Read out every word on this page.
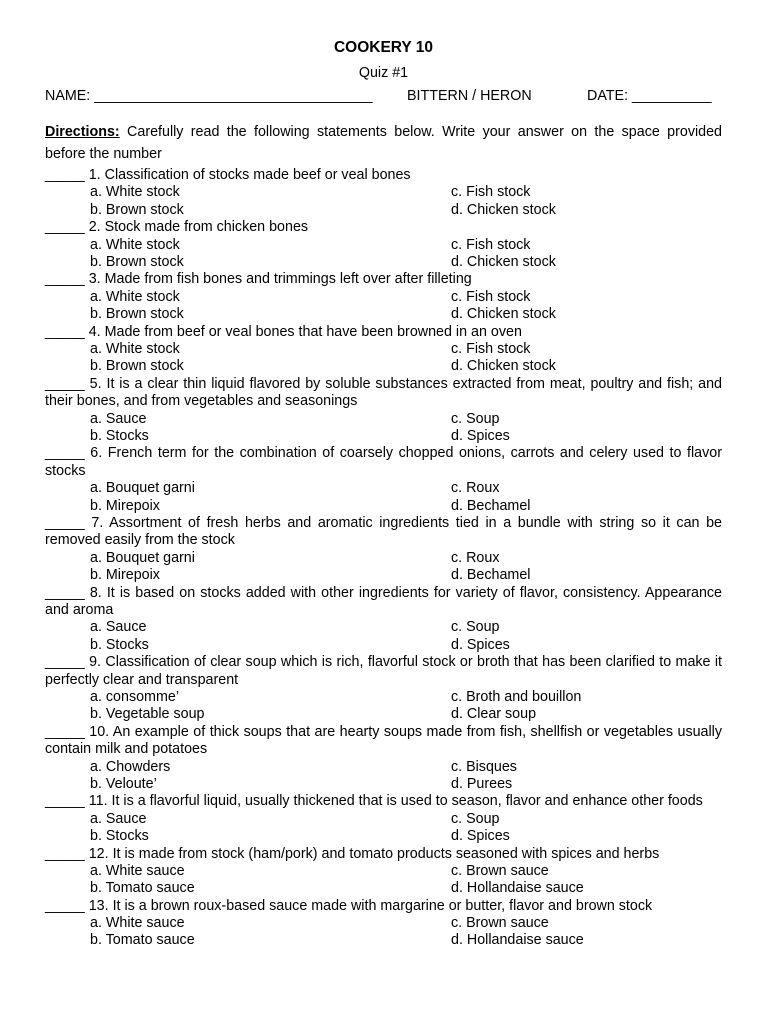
COOKERY 10
Quiz #1
NAME: ___________________________________ BITTERN / HERON	DATE: __________
Directions: Carefully read the following statements below. Write your answer on the space provided before the number
_____ 1. Classification of stocks made beef or veal bones
a. White stock	c. Fish stock
b. Brown stock	d. Chicken stock
_____ 2. Stock made from chicken bones
a. White stock	c. Fish stock
b. Brown stock	d. Chicken stock
_____ 3. Made from fish bones and trimmings left over after filleting
a. White stock	c. Fish stock
b. Brown stock	d. Chicken stock
_____ 4. Made from beef or veal bones that have been browned in an oven
a. White stock	c. Fish stock
b. Brown stock	d. Chicken stock
_____ 5. It is a clear thin liquid flavored by soluble substances extracted from meat, poultry and fish; and their bones, and from vegetables and seasonings
a. Sauce	c. Soup
b. Stocks	d. Spices
_____ 6. French term for the combination of coarsely chopped onions, carrots and celery used to flavor stocks
a. Bouquet garni	c. Roux
b. Mirepoix	d. Bechamel
_____ 7. Assortment of fresh herbs and aromatic ingredients tied in a bundle with string so it can be removed easily from the stock
a. Bouquet garni	c. Roux
b. Mirepoix	d. Bechamel
_____ 8. It is based on stocks added with other ingredients for variety of flavor, consistency. Appearance and aroma
a. Sauce	c. Soup
b. Stocks	d. Spices
_____ 9. Classification of clear soup which is rich, flavorful stock or broth that has been clarified to make it perfectly clear and transparent
a. consomme’	c. Broth and bouillon
b. Vegetable soup	d. Clear soup
_____ 10. An example of thick soups that are hearty soups made from fish, shellfish or vegetables usually contain milk and potatoes
a. Chowders	c. Bisques
b. Veloute’	d. Purees
_____ 11. It is a flavorful liquid, usually thickened that is used to season, flavor and enhance other foods
a. Sauce	c. Soup
b. Stocks	d. Spices
_____ 12. It is made from stock (ham/pork) and tomato products seasoned with spices and herbs
a. White sauce	c. Brown sauce
b. Tomato sauce	d. Hollandaise sauce
_____ 13. It is a brown roux-based sauce made with margarine or butter, flavor and brown stock
a. White sauce	c. Brown sauce
b. Tomato sauce	d. Hollandaise sauce
